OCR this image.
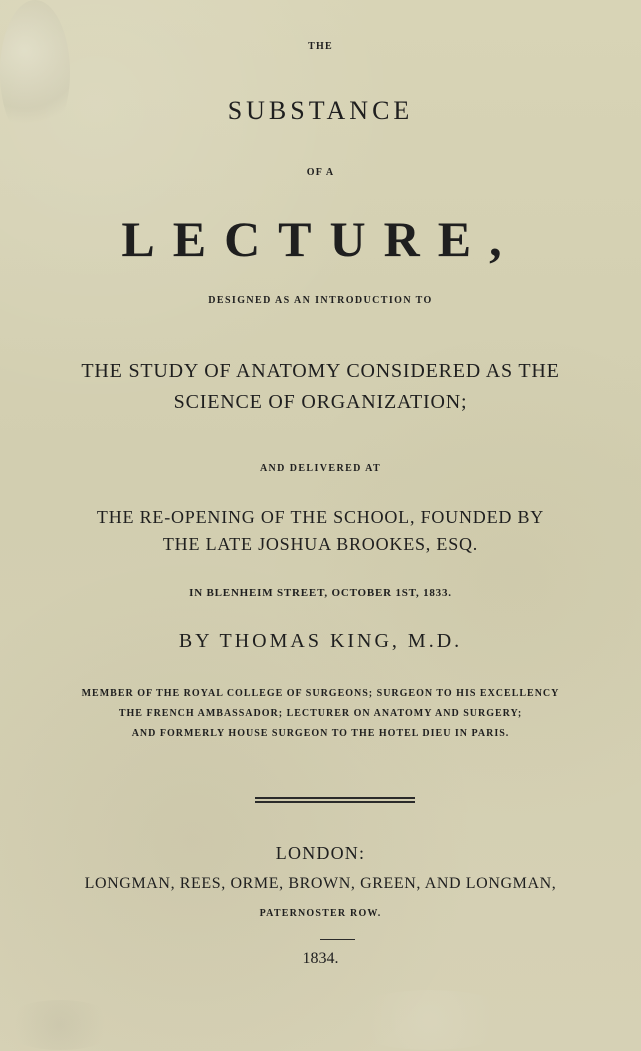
THE
SUBSTANCE
OF A
LECTURE,
DESIGNED AS AN INTRODUCTION TO
THE STUDY OF ANATOMY CONSIDERED AS THE
SCIENCE OF ORGANIZATION;
AND DELIVERED AT
THE RE-OPENING OF THE SCHOOL, FOUNDED BY
THE LATE JOSHUA BROOKES, ESQ.
IN BLENHEIM STREET, OCTOBER 1ST, 1833.
BY THOMAS KING, M.D.
MEMBER OF THE ROYAL COLLEGE OF SURGEONS; SURGEON TO HIS EXCELLENCY
THE FRENCH AMBASSADOR; LECTURER ON ANATOMY AND SURGERY;
AND FORMERLY HOUSE SURGEON TO THE HOTEL DIEU IN PARIS.
LONDON:
LONGMAN, REES, ORME, BROWN, GREEN, AND LONGMAN,
PATERNOSTER ROW.
1834.
